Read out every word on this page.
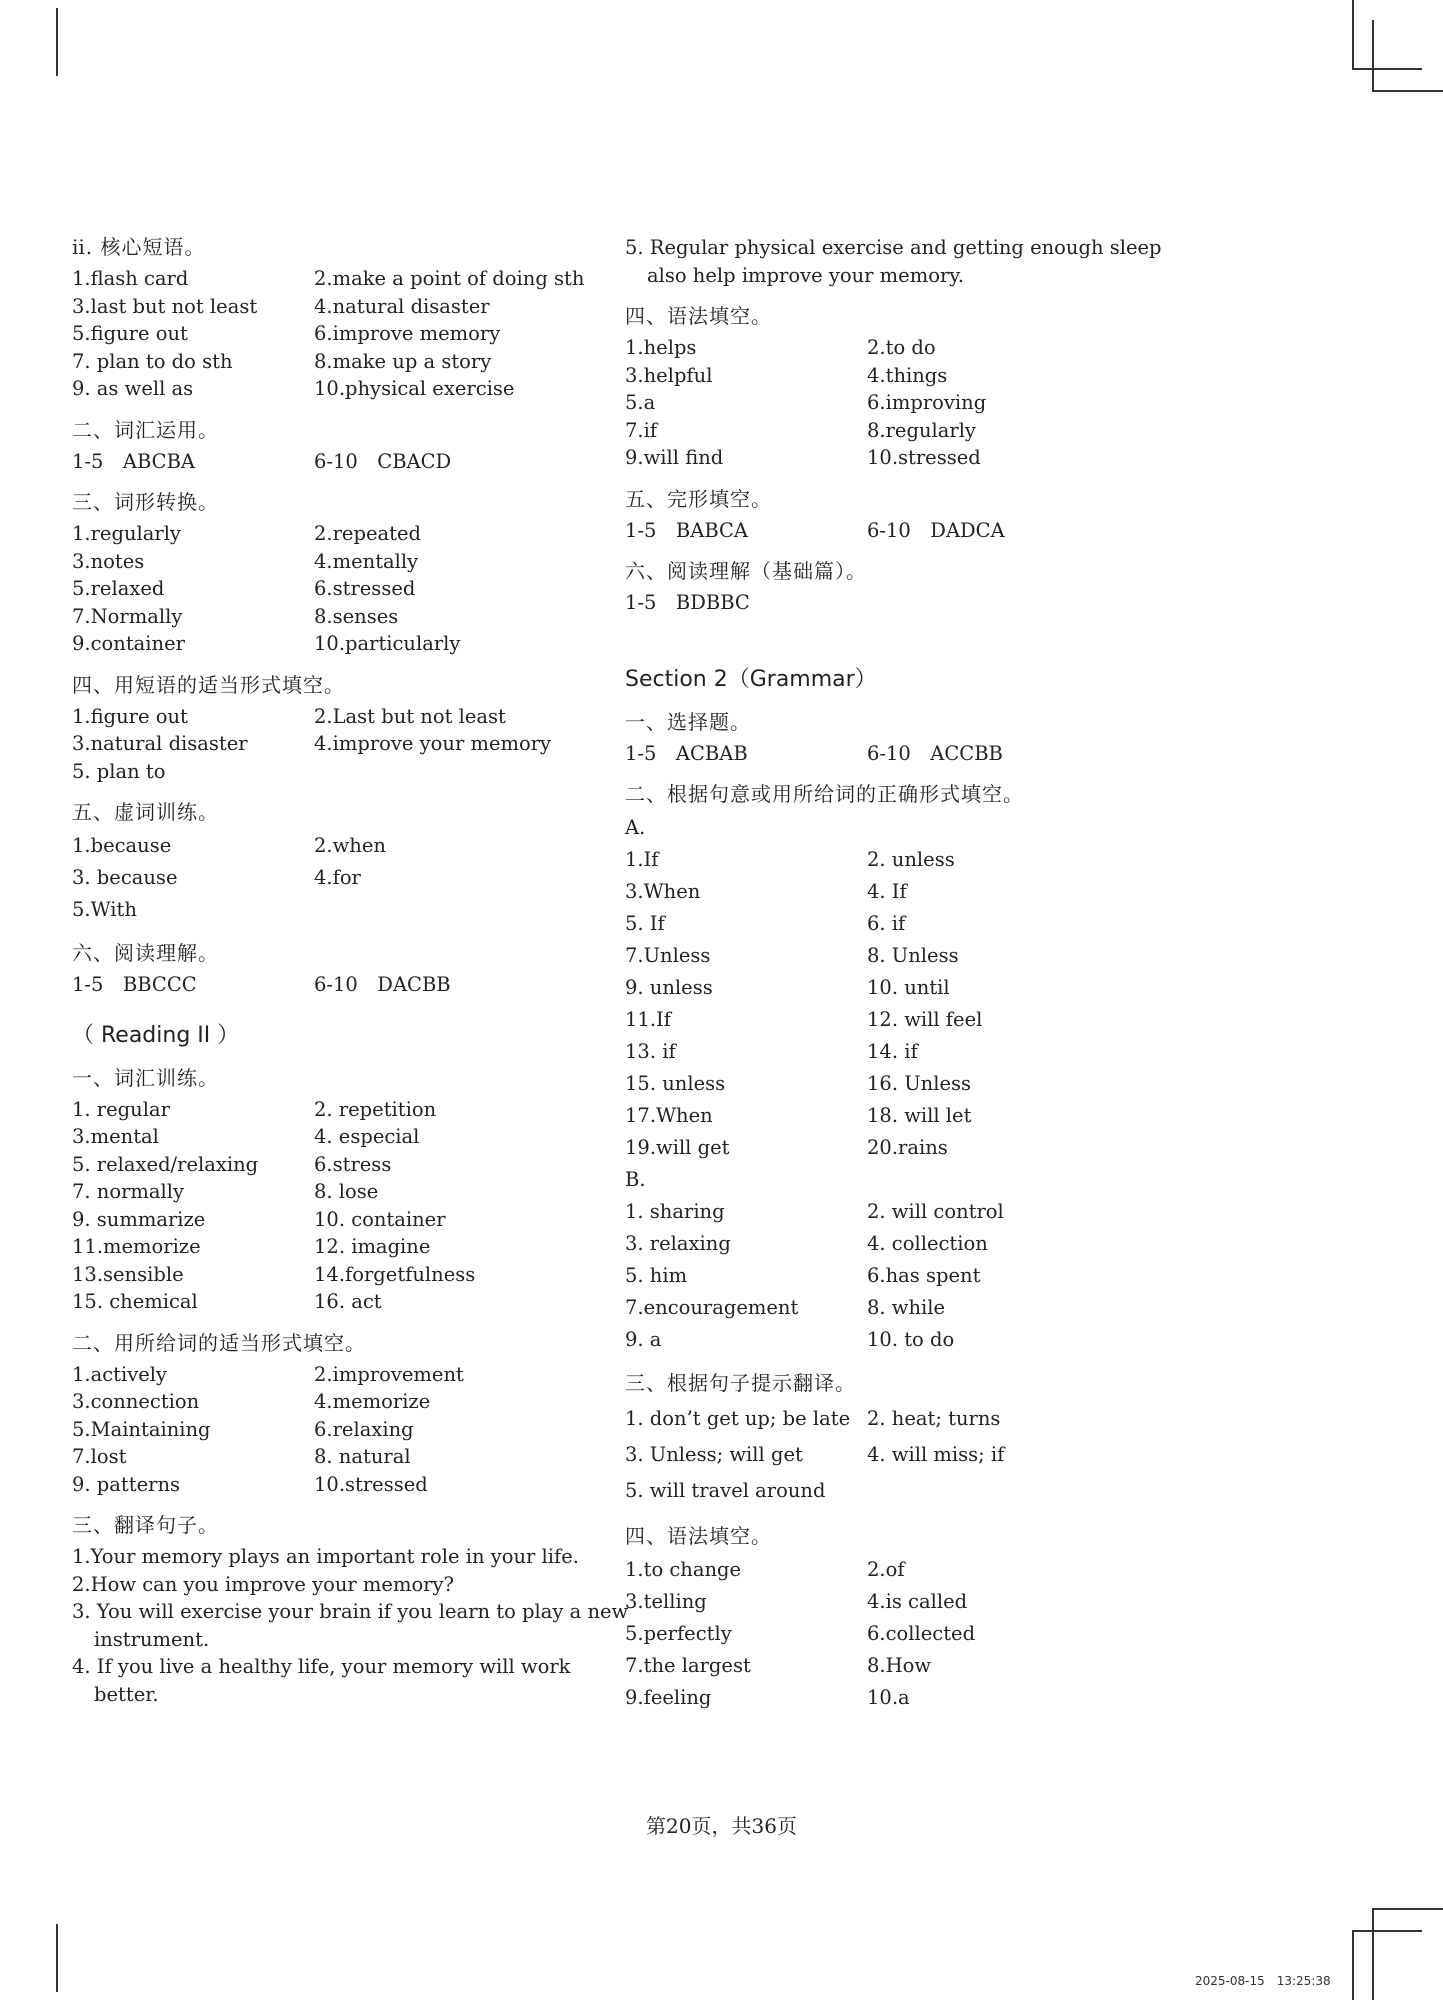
ⅱ. 核心短语。
1.flash card	2.make a point of doing sth
3.last but not least	4.natural disaster
5.figure out	6.improve memory
7. plan to do sth	8.make up a story
9. as well as	10.physical exercise
二、词汇运用。
1-5　ABCBA	6-10　CBACD
三、词形转换。
1.regularly	2.repeated
3.notes	4.mentally
5.relaxed	6.stressed
7.Normally	8.senses
9.container	10.particularly
四、用短语的适当形式填空。
1.figure out	2.Last but not least
3.natural disaster	4.improve your memory
5. plan to
五、虚词训练。
1.because	2.when
3. because	4.for
5.With
六、阅读理解。
1-5　BBCCC	6-10　DACBB
（ Reading II ）
一、词汇训练。
1. regular	2. repetition
3.mental	4. especial
5. relaxed/relaxing	6.stress
7. normally	8. lose
9. summarize	10. container
11.memorize	12. imagine
13.sensible	14.forgetfulness
15. chemical	16. act
二、用所给词的适当形式填空。
1.actively	2.improvement
3.connection	4.memorize
5.Maintaining	6.relaxing
7.lost	8. natural
9. patterns	10.stressed
三、翻译句子。
1.Your memory plays an important role in your life.
2.How can you improve your memory?
3. You will exercise your brain if you learn to play a new
instrument.
4. If you live a healthy life, your memory will work
better.
5. Regular physical exercise and getting enough sleep
also help improve your memory.
四、语法填空。
1.helps	2.to do
3.helpful	4.things
5.a	6.improving
7.if	8.regularly
9.will find	10.stressed
五、完形填空。
1-5　BABCA	6-10　DADCA
六、阅读理解（基础篇）。
1-5　BDBBC
Section 2（Grammar）
一、选择题。
1-5　ACBAB	6-10　ACCBB
二、根据句意或用所给词的正确形式填空。
A.
1.If	2. unless
3.When	4. If
5. If	6. if
7.Unless	8. Unless
9. unless	10. until
11.If	12. will feel
13. if	14. if
15. unless	16. Unless
17.When	18. will let
19.will get	20.rains
B.
1. sharing	2. will control
3. relaxing	4. collection
5. him	6.has spent
7.encouragement	8. while
9. a	10. to do
三、根据句子提示翻译。
1. don’t get up; be late 2. heat; turns
3. Unless; will get	4. will miss; if
5. will travel around
四、语法填空。
1.to change	2.of
3.telling	4.is called
5.perfectly	6.collected
7.the largest	8.How
9.feeling	10.a
第20页，共36页
2025-08-15　13:25:38
